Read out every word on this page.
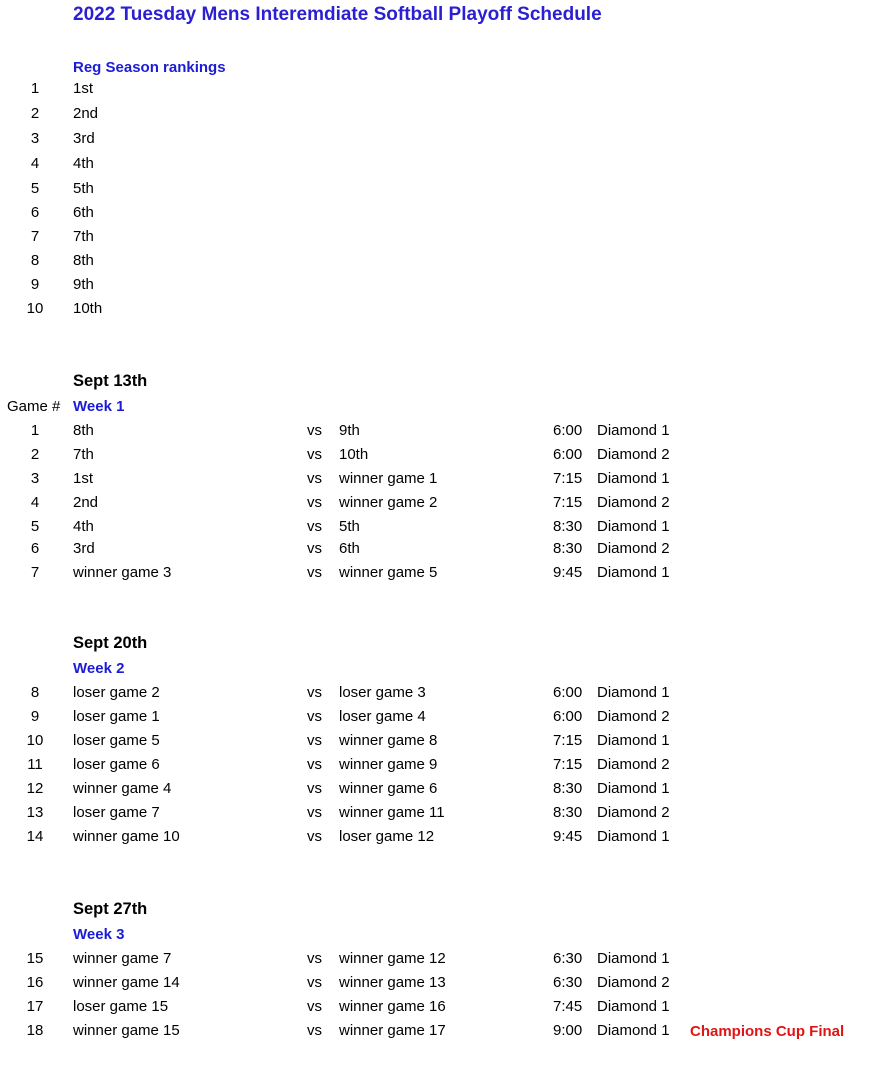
2022 Tuesday Mens Interemdiate Softball Playoff Schedule
Reg Season rankings
1	1st
2	2nd
3	3rd
4	4th
5	5th
6	6th
7	7th
8	8th
9	9th
10	10th
Sept 13th
Week 1
Game #
1	8th	vs 9th	6:00 Diamond 1
2	7th	vs 10th	6:00 Diamond 2
3	1st	vs winner game 1	7:15 Diamond 1
4	2nd	vs winner game 2	7:15 Diamond 2
5	4th	vs 5th	8:30 Diamond 1
6	3rd	vs 6th	8:30 Diamond 2
7	winner game 3	vs winner game 5	9:45 Diamond 1
Sept 20th
Week 2
8	loser game 2	vs loser game 3	6:00 Diamond 1
9	loser game 1	vs loser game 4	6:00 Diamond 2
10	loser game 5	vs winner game 8	7:15 Diamond 1
11	loser game 6	vs winner game 9	7:15 Diamond 2
12	winner game 4	vs winner game 6	8:30 Diamond 1
13	loser game 7	vs winner game 11	8:30 Diamond 2
14	winner game 10	vs loser game 12	9:45 Diamond 1
Sept 27th
Week 3
15	winner game 7	vs winner game 12	6:30 Diamond 1
16	winner game 14	vs winner game 13	6:30 Diamond 2
17	loser game 15	vs winner game 16	7:45 Diamond 1
18	winner game 15	vs winner game 17	9:00 Diamond 1 Champions Cup Final
